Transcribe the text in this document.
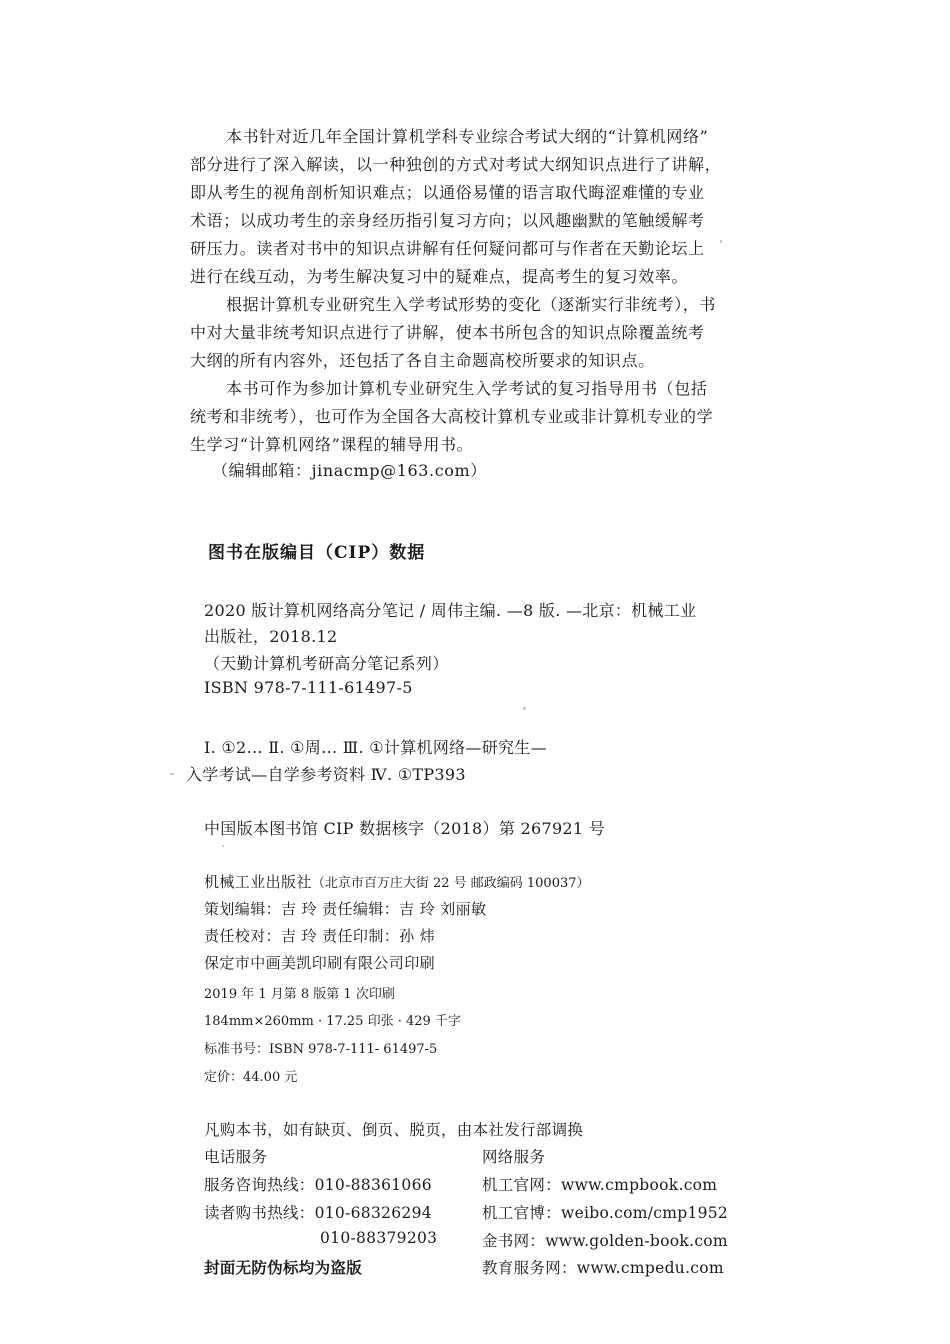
本书针对近几年全国计算机学科专业综合考试大纲的“计算机网络”
部分进行了深入解读，以一种独创的方式对考试大纲知识点进行了讲解，
即从考生的视角剖析知识难点；以通俗易懂的语言取代晦涩难懂的专业
术语；以成功考生的亲身经历指引复习方向；以风趣幽默的笔触缓解考
研压力。读者对书中的知识点讲解有任何疑问都可与作者在天勤论坛上
进行在线互动，为考生解决复习中的疑难点，提高考生的复习效率。
根据计算机专业研究生入学考试形势的变化（逐渐实行非统考），书
中对大量非统考知识点进行了讲解，使本书所包含的知识点除覆盖统考
大纲的所有内容外，还包括了各自主命题高校所要求的知识点。
本书可作为参加计算机专业研究生入学考试的复习指导用书（包括
统考和非统考），也可作为全国各大高校计算机专业或非计算机专业的学
生学习“计算机网络”课程的辅导用书。
（编辑邮箱：jinacmp@163.com）
图书在版编目（CIP）数据
2020 版计算机网络高分笔记 / 周伟主编. —8 版. —北京：机械工业
出版社，2018.12
（天勤计算机考研高分笔记系列）
ISBN 978-7-111-61497-5
Ⅰ. ①2… Ⅱ. ①周… Ⅲ. ①计算机网络—研究生—
入学考试—自学参考资料 Ⅳ. ①TP393
中国版本图书馆 CIP 数据核字（2018）第 267921 号
机械工业出版社（北京市百万庄大街 22 号 邮政编码 100037）
策划编辑：吉 玲 责任编辑：吉 玲 刘丽敏
责任校对：吉 玲 责任印制：孙 炜
保定市中画美凯印刷有限公司印刷
2019 年 1 月第 8 版第 1 次印刷
184mm×260mm · 17.25 印张 · 429 千字
标准书号：ISBN 978-7-111- 61497-5
定价：44.00 元
凡购本书，如有缺页、倒页、脱页，由本社发行部调换
电话服务	网络服务
服务咨询热线：010-88361066	机工官网：www.cmpbook.com
读者购书热线：010-68326294	机工官博：weibo.com/cmp1952
010-88379203	金书网：www.golden-book.com
封面无防伪标均为盗版	教育服务网：www.cmpedu.com
